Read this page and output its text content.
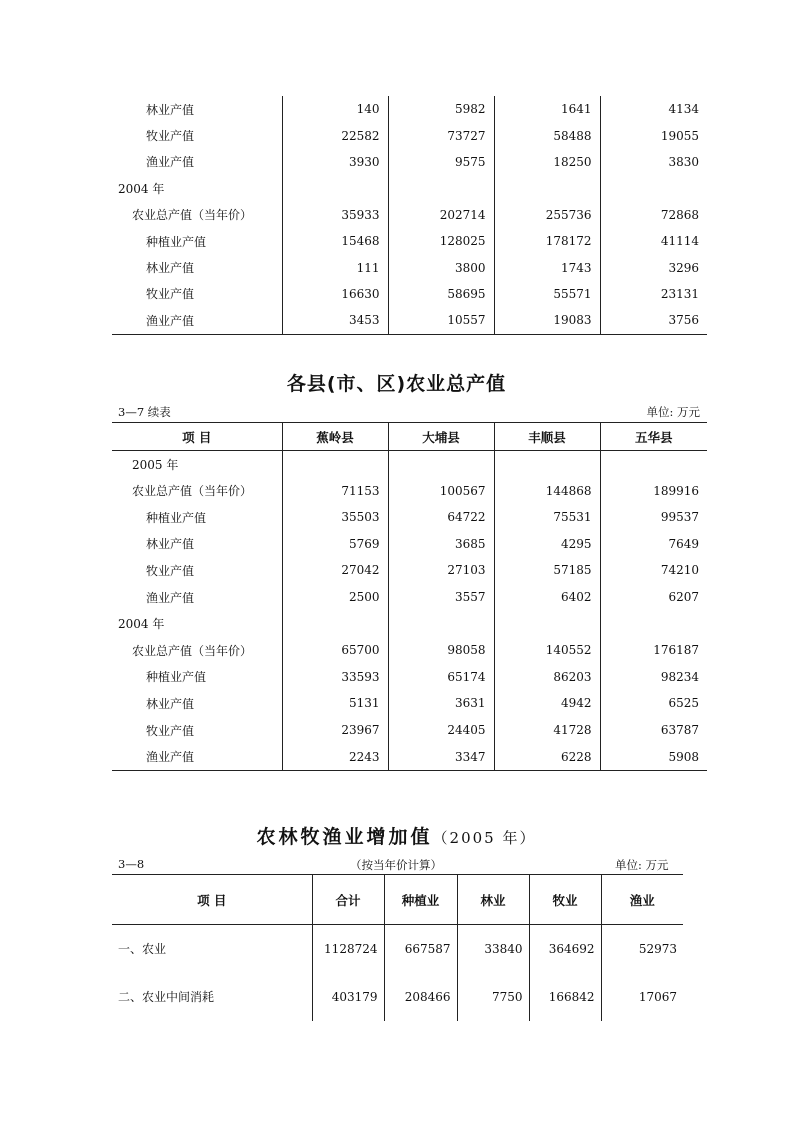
林业产值	140	5982	1641	4134
牧业产值	22582	73727	58488	19055
渔业产值	3930	9575	18250	3830
2004 年				
农业总产值（当年价）	35933	202714	255736	72868
种植业产值	15468	128025	178172	41114
林业产值	111	3800	1743	3296
牧业产值	16630	58695	55571	23131
渔业产值	3453	10557	19083	3756
各县(市、区)农业总产值
3—7 续表	单位: 万元
项 目	蕉岭县	大埔县	丰顺县	五华县
2005 年				
农业总产值（当年价）	71153	100567	144868	189916
种植业产值	35503	64722	75531	99537
林业产值	5769	3685	4295	7649
牧业产值	27042	27103	57185	74210
渔业产值	2500	3557	6402	6207
2004 年				
农业总产值（当年价）	65700	98058	140552	176187
种植业产值	33593	65174	86203	98234
林业产值	5131	3631	4942	6525
牧业产值	23967	24405	41728	63787
渔业产值	2243	3347	6228	5908
农林牧渔业增加值（2005 年）
3—8	（按当年价计算）	单位: 万元
项 目	合计	种植业	林业	牧业	渔业
一、农业	1128724	667587	33840	364692	52973
二、农业中间消耗	403179	208466	7750	166842	17067
